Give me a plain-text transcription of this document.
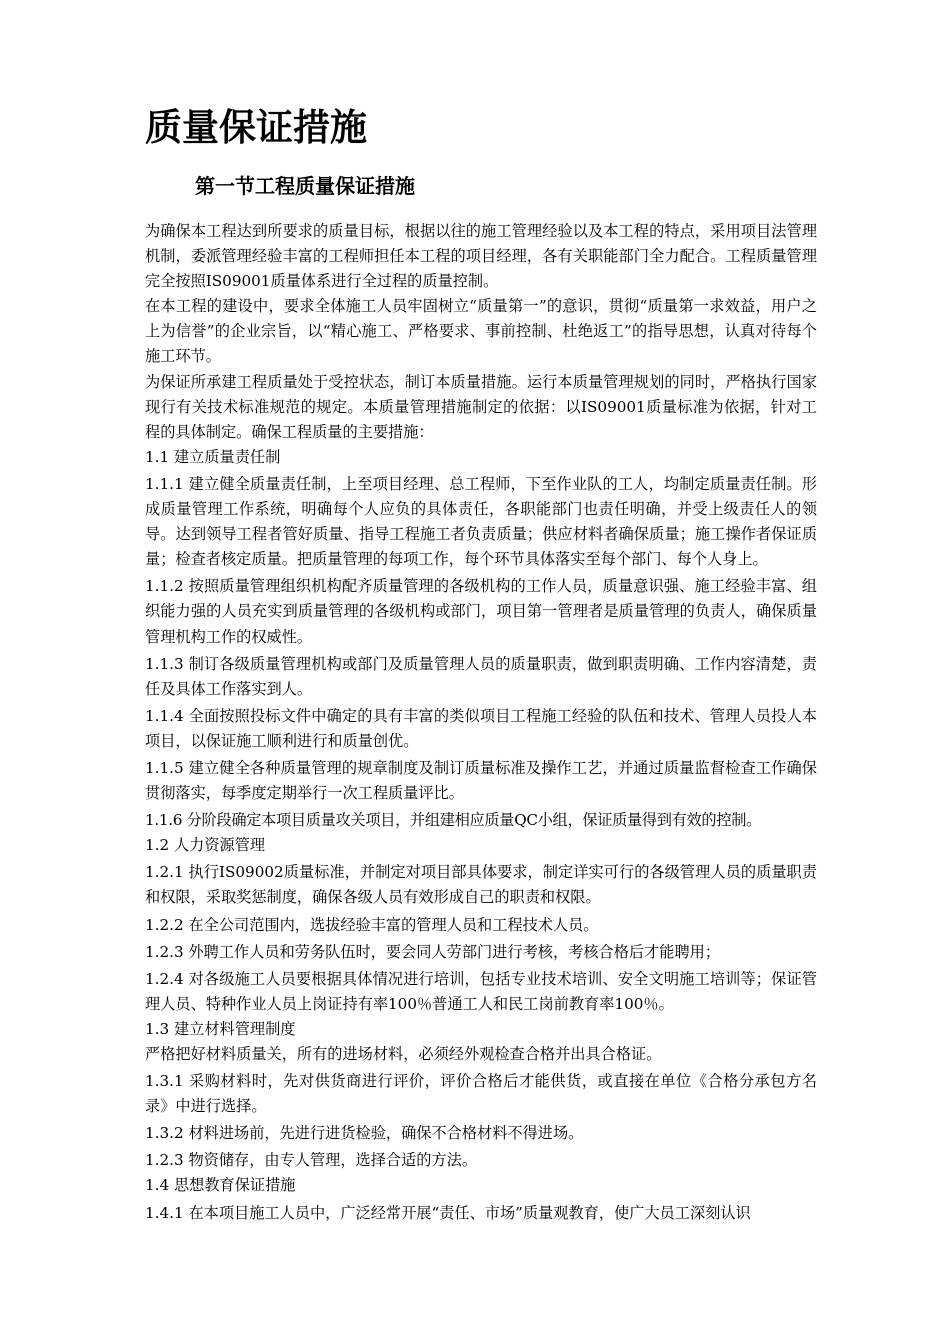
质量保证措施
第一节工程质量保证措施

为确保本工程达到所要求的质量目标，根据以往的施工管理经验以及本工程的特点，采用项目法管理机制，委派管理经验丰富的工程师担任本工程的项目经理，各有关职能部门全力配合。工程质量管理完全按照IS09001质量体系进行全过程的质量控制。

在本工程的建设中，要求全体施工人员牢固树立“质量第一”的意识，贯彻“质量第一求效益，用户之上为信誉”的企业宗旨，以“精心施工、严格要求、事前控制、杜绝返工”的指导思想，认真对待每个施工环节。

为保证所承建工程质量处于受控状态，制订本质量措施。运行本质量管理规划的同时，严格执行国家现行有关技术标准规范的规定。本质量管理措施制定的依据：以IS09001质量标准为依据，针对工程的具体制定。确保工程质量的主要措施：

1.1 建立质量责任制

1.1.1 建立健全质量责任制，上至项目经理、总工程师，下至作业队的工人，均制定质量责任制。形成质量管理工作系统，明确每个人应负的具体责任，各职能部门也责任明确，并受上级责任人的领导。达到领导工程者管好质量、指导工程施工者负责质量；供应材料者确保质量；施工操作者保证质量；检查者核定质量。把质量管理的每项工作，每个环节具体落实至每个部门、每个人身上。

1.1.2 按照质量管理组织机构配齐质量管理的各级机构的工作人员，质量意识强、施工经验丰富、组织能力强的人员充实到质量管理的各级机构或部门，项目第一管理者是质量管理的负责人，确保质量管理机构工作的权威性。

1.1.3 制订各级质量管理机构或部门及质量管理人员的质量职责，做到职责明确、工作内容清楚，责任及具体工作落实到人。

1.1.4 全面按照投标文件中确定的具有丰富的类似项目工程施工经验的队伍和技术、管理人员投人本项目，以保证施工顺利进行和质量创优。

1.1.5 建立健全各种质量管理的规章制度及制订质量标准及操作工艺，并通过质量监督检查工作确保贯彻落实，每季度定期举行一次工程质量评比。

1.1.6 分阶段确定本项目质量攻关项目，并组建相应质量QC小组，保证质量得到有效的控制。

1.2 人力资源管理

1.2.1 执行IS09002质量标准，并制定对项目部具体要求，制定详实可行的各级管理人员的质量职责和权限，采取奖惩制度，确保各级人员有效形成自己的职责和权限。

1.2.2 在全公司范围内，选拔经验丰富的管理人员和工程技术人员。

1.2.3 外聘工作人员和劳务队伍时，要会同人劳部门进行考核，考核合格后才能聘用；

1.2.4 对各级施工人员要根据具体情况进行培训，包括专业技术培训、安全文明施工培训等；保证管理人员、特种作业人员上岗证持有率100％普通工人和民工岗前教育率100％。

1.3 建立材料管理制度

严格把好材料质量关，所有的进场材料，必须经外观检查合格并出具合格证。

1.3.1 采购材料时，先对供货商进行评价，评价合格后才能供货，或直接在单位《合格分承包方名录》中进行选择。

1.3.2 材料进场前，先进行进货检验，确保不合格材料不得进场。

1.2.3 物资储存，由专人管理，选择合适的方法。

1.4 思想教育保证措施

1.4.1 在本项目施工人员中，广泛经常开展“责任、市场”质量观教育，使广大员工深刻认识
